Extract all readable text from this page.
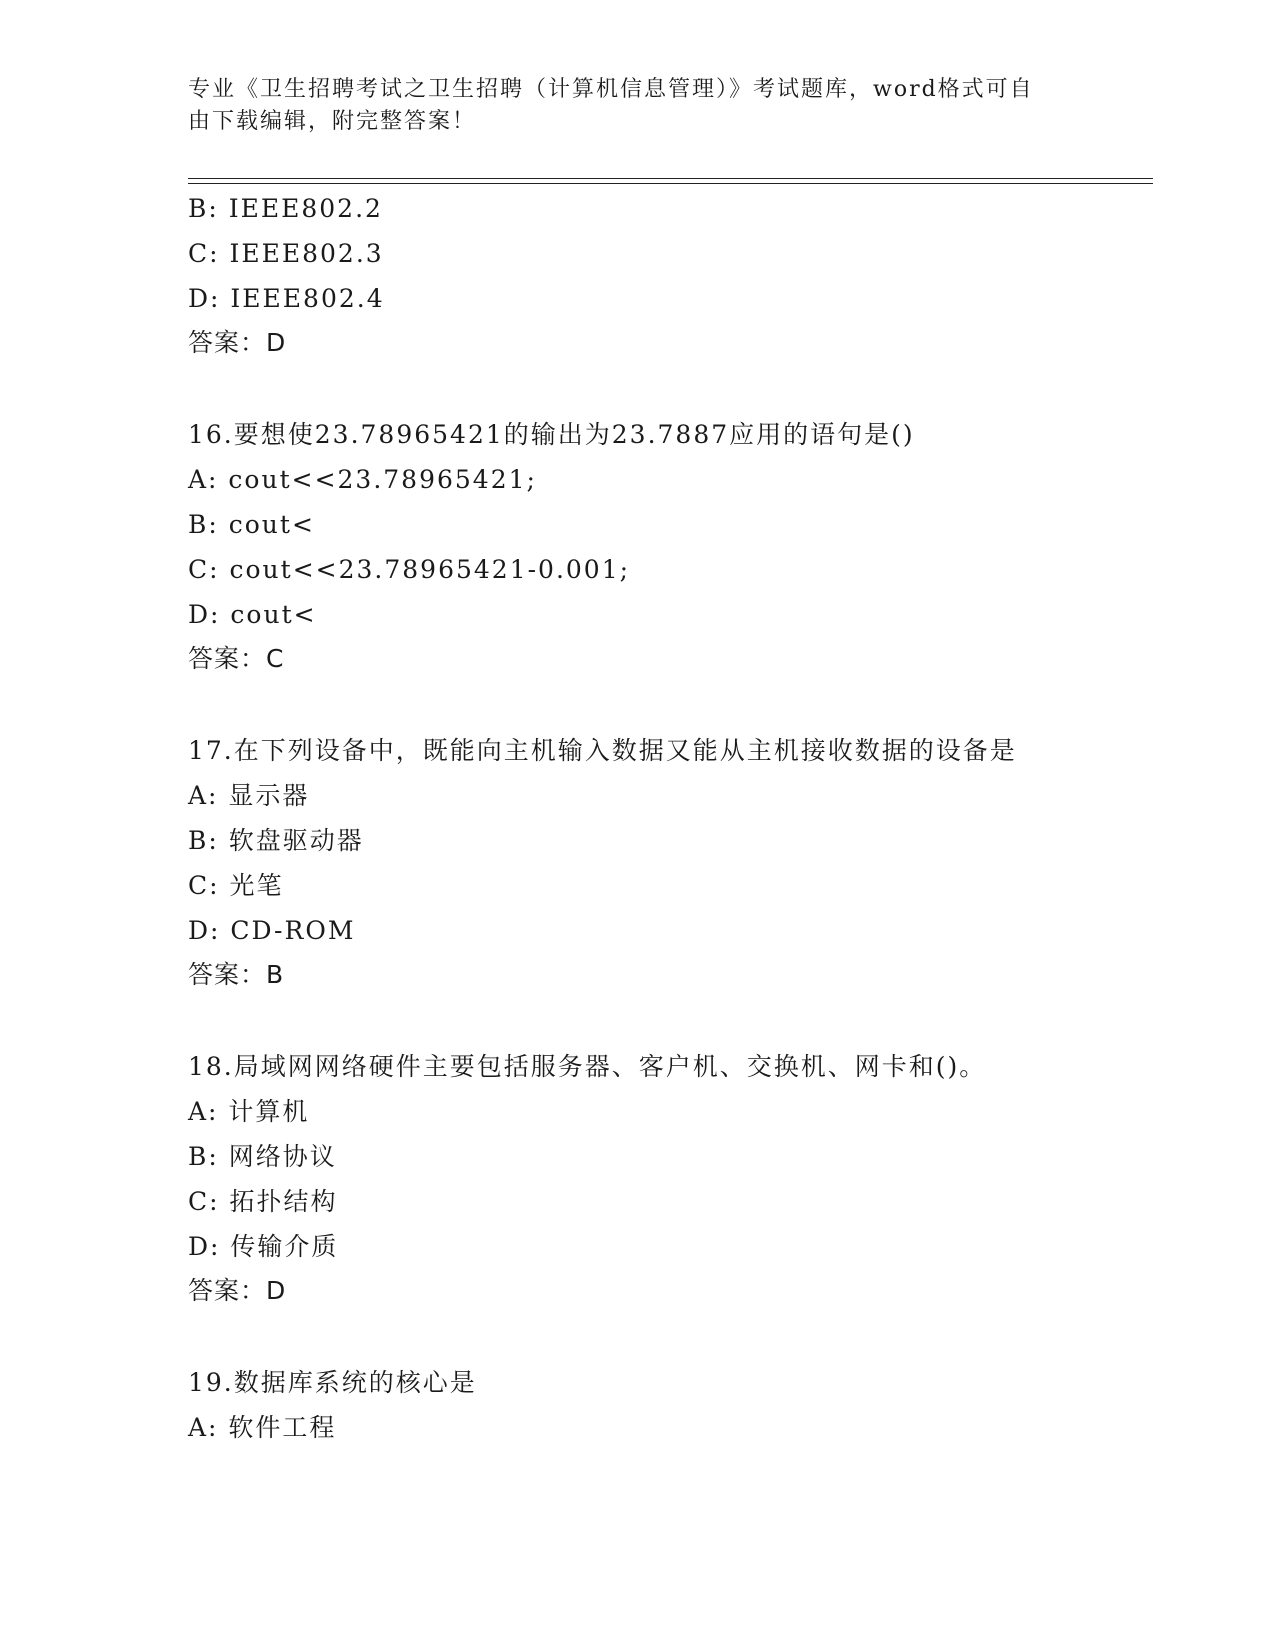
专业《卫生招聘考试之卫生招聘（计算机信息管理）》考试题库，word格式可自
由下载编辑，附完整答案！
B: IEEE802.2
C: IEEE802.3
D: IEEE802.4
答案：D
16.要想使23.78965421的输出为23.7887应用的语句是()
A: cout<<23.78965421;
B: cout<
C: cout<<23.78965421-0.001;
D: cout<
答案：C
17.在下列设备中，既能向主机输入数据又能从主机接收数据的设备是
A: 显示器
B: 软盘驱动器
C: 光笔
D: CD-ROM
答案：B
18.局域网网络硬件主要包括服务器、客户机、交换机、网卡和()。
A: 计算机
B: 网络协议
C: 拓扑结构
D: 传输介质
答案：D
19.数据库系统的核心是
A: 软件工程
